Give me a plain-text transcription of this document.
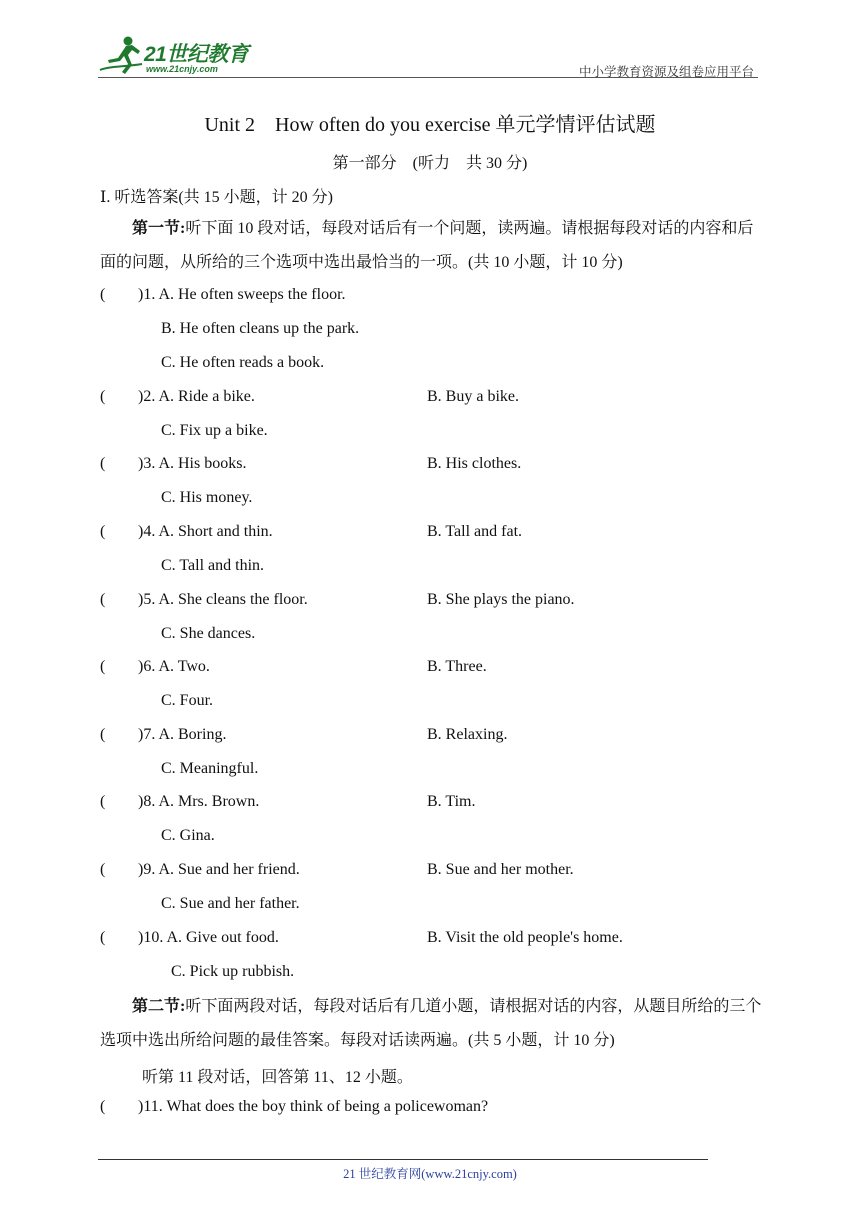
21世纪教育
www.21cnjy.com	中小学教育资源及组卷应用平台
Unit 2　How often do you exercise 单元学情评估试题
第一部分　(听力　共 30 分)
Ⅰ. 听选答案(共 15 小题，计 20 分)
第一节:听下面 10 段对话，每段对话后有一个问题，读两遍。请根据每段对话的内容和后面的问题，从所给的三个选项中选出最恰当的一项。(共 10 小题，计 10 分)
( )1. A. He often sweeps the floor.
B. He often cleans up the park.
C. He often reads a book.
( )2. A. Ride a bike.	B. Buy a bike.
C. Fix up a bike.
( )3. A. His books.	B. His clothes.
C. His money.
( )4. A. Short and thin.	B. Tall and fat.
C. Tall and thin.
( )5. A. She cleans the floor.	B. She plays the piano.
C. She dances.
( )6. A. Two.	B. Three.
C. Four.
( )7. A. Boring.	B. Relaxing.
C. Meaningful.
( )8. A. Mrs. Brown.	B. Tim.
C. Gina.
( )9. A. Sue and her friend.	B. Sue and her mother.
C. Sue and her father.
( )10. A. Give out food.	B. Visit the old people's home.
C. Pick up rubbish.
第二节:听下面两段对话，每段对话后有几道小题，请根据对话的内容，从题目所给的三个选项中选出所给问题的最佳答案。每段对话读两遍。(共 5 小题，计 10 分)
听第 11 段对话，回答第 11、12 小题。
( )11. What does the boy think of being a policewoman?
21 世纪教育网(www.21cnjy.com)
